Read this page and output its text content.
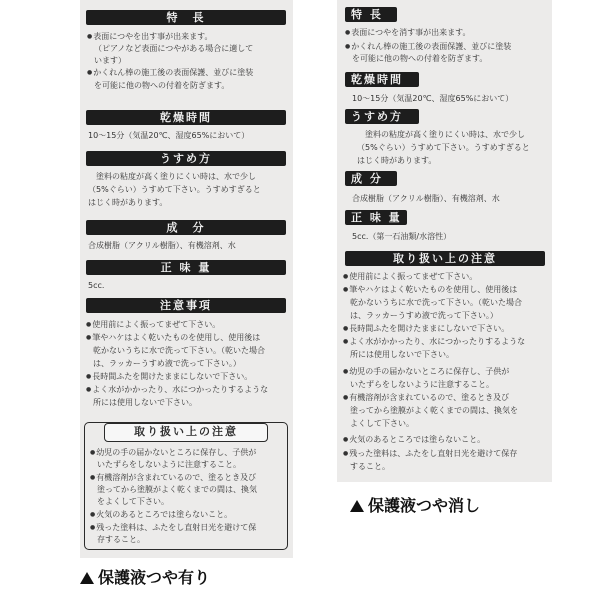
特　長
● 表面につやを出す事が出来ます。
（ピアノなど表面につやがある場合に適して
います）
● かくれん棒の施工後の表面保護、並びに塗装
を可能に他の物への付着を防ぎます。
乾燥時間
10～15分（気温20℃、湿度65%において）
うすめ方
塗料の粘度が高く塗りにくい時は、水で少し
（5%ぐらい）うすめて下さい。うすめすぎると
はじく時があります。
成　分
合成樹脂（アクリル樹脂）、有機溶剤、水
正 味 量
5cc.
注意事項
● 使用前によく振ってまぜて下さい。
● 筆やハケはよく乾いたものを使用し、使用後は
乾かないうちに水で洗って下さい。（乾いた場合
は、ラッカーうすめ液で洗って下さい。）
● 長時間ふたを開けたままにしないで下さい。
● よく水がかかったり、水につかったりするような
所には使用しないで下さい。
取り扱い上の注意
● 幼児の手の届かないところに保存し、子供が
いたずらをしないように注意すること。
● 有機溶剤が含まれているので、塗るとき及び
塗ってから塗膜がよく乾くまでの間は、換気
をよくして下さい。
● 火気のあるところでは塗らないこと。
● 残った塗料は、ふたをし直射日光を避けて保
存すること。
特 長
● 表面につやを消す事が出来ます。
● かくれん棒の施工後の表面保護、並びに塗装
を可能に他の物への付着を防ぎます。
乾燥時間
10～15分（気温20℃、湿度65%において）
うすめ方
塗料の粘度が高く塗りにくい時は、水で少し
（5%ぐらい）うすめて下さい。うすめすぎると
はじく時があります。
成 分
合成樹脂（アクリル樹脂）、有機溶剤、水
正 味 量
5cc.（第一石油類/水溶性）
取り扱い上の注意
● 使用前によく振ってまぜて下さい。
● 筆やハケはよく乾いたものを使用し、使用後は
乾かないうちに水で洗って下さい。（乾いた場合
は、ラッカーうすめ液で洗って下さい。）
● 長時間ふたを開けたままにしないで下さい。
● よく水がかかったり、水につかったりするような
所には使用しないで下さい。
● 幼児の手の届かないところに保存し、子供が
いたずらをしないように注意すること。
● 有機溶剤が含まれているので、塗るとき及び
塗ってから塗膜がよく乾くまでの間は、換気を
よくして下さい。
● 火気のあるところでは塗らないこと。
● 残った塗料は、ふたをし直射日光を避けて保存
すること。
保護液つや消し
保護液つや有り
